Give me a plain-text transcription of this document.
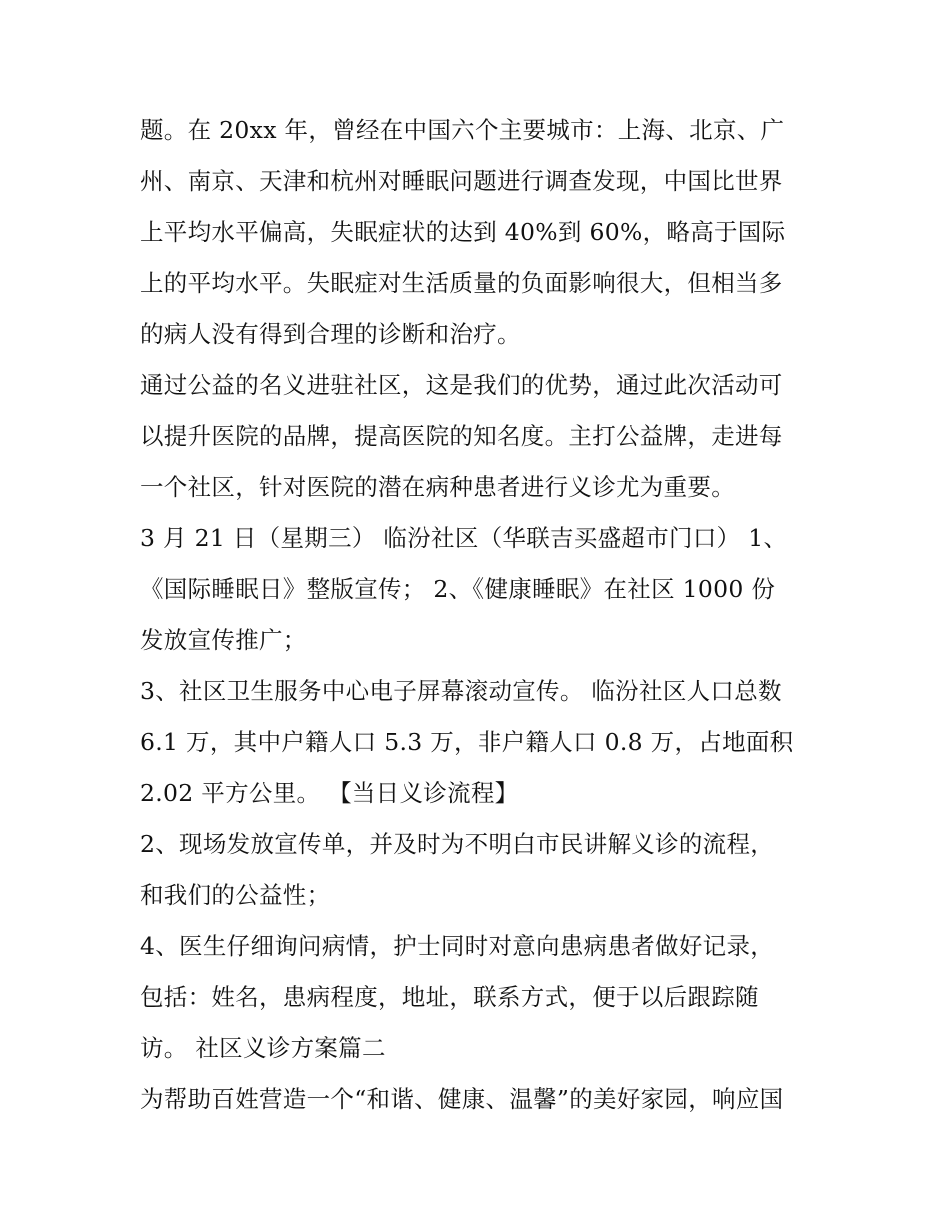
题。在 20xx 年，曾经在中国六个主要城市：上海、北京、广
州、南京、天津和杭州对睡眠问题进行调查发现，中国比世界
上平均水平偏高，失眠症状的达到 40%到 60%，略高于国际
上的平均水平。失眠症对生活质量的负面影响很大，但相当多
的病人没有得到合理的诊断和治疗。
通过公益的名义进驻社区，这是我们的优势，通过此次活动可
以提升医院的品牌，提高医院的知名度。主打公益牌，走进每
一个社区，针对医院的潜在病种患者进行义诊尤为重要。
3 月 21 日（星期三） 临汾社区（华联吉买盛超市门口） 1、
《国际睡眠日》整版宣传； 2、《健康睡眠》在社区 1000 份
发放宣传推广；
3、社区卫生服务中心电子屏幕滚动宣传。 临汾社区人口总数
6.1 万，其中户籍人口 5.3 万，非户籍人口 0.8 万，占地面积
2.02 平方公里。 【当日义诊流程】
2、现场发放宣传单，并及时为不明白市民讲解义诊的流程，
和我们的公益性；
4、医生仔细询问病情，护士同时对意向患病患者做好记录，
包括：姓名，患病程度，地址，联系方式，便于以后跟踪随
访。 社区义诊方案篇二
为帮助百姓营造一个“和谐、健康、温馨”的美好家园，响应国
